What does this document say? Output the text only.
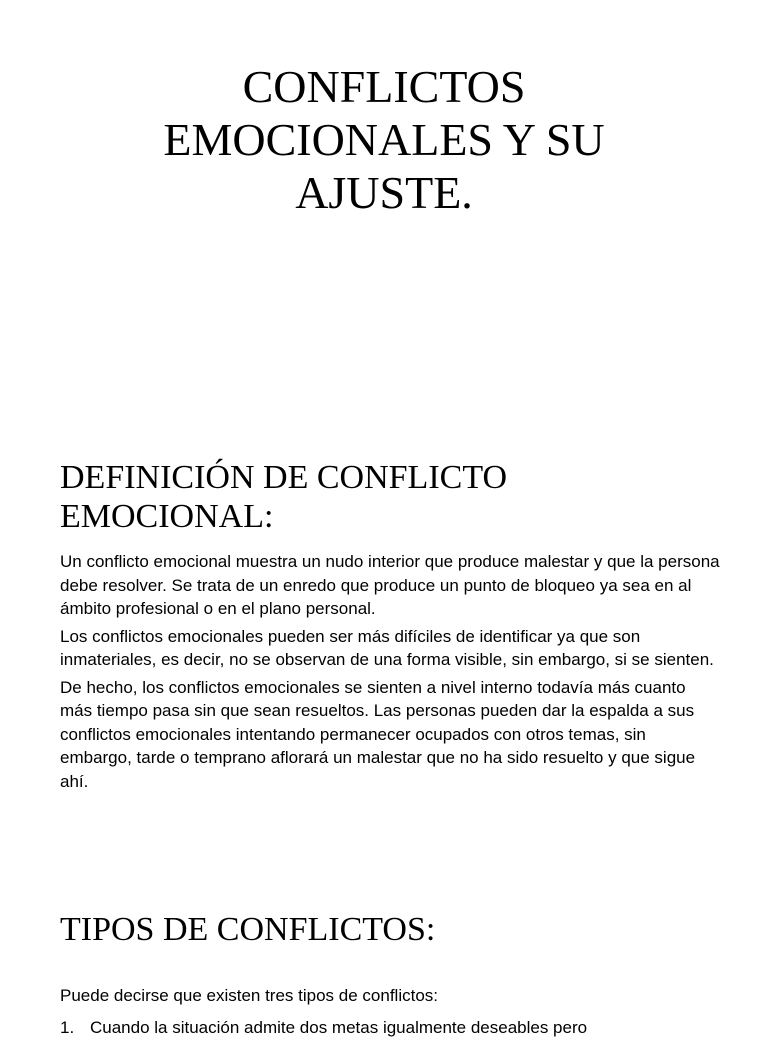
CONFLICTOS
EMOCIONALES Y SU
AJUSTE.
DEFINICIÓN DE CONFLICTO
EMOCIONAL:

Un conflicto emocional muestra un nudo interior que produce malestar y que la persona debe resolver. Se trata de un enredo que produce un punto de bloqueo ya sea en al ámbito profesional o en el plano personal.

Los conflictos emocionales pueden ser más difíciles de identificar ya que son inmateriales, es decir, no se observan de una forma visible, sin embargo, si se sienten.

De hecho, los conflictos emocionales se sienten a nivel interno todavía más cuanto más tiempo pasa sin que sean resueltos. Las personas pueden dar la espalda a sus conflictos emocionales intentando permanecer ocupados con otros temas, sin embargo, tarde o temprano aflorará un malestar que no ha sido resuelto y que sigue ahí.

TIPOS DE CONFLICTOS:

Puede decirse que existen tres tipos de conflictos:

1. Cuando la situación admite dos metas igualmente deseables pero
